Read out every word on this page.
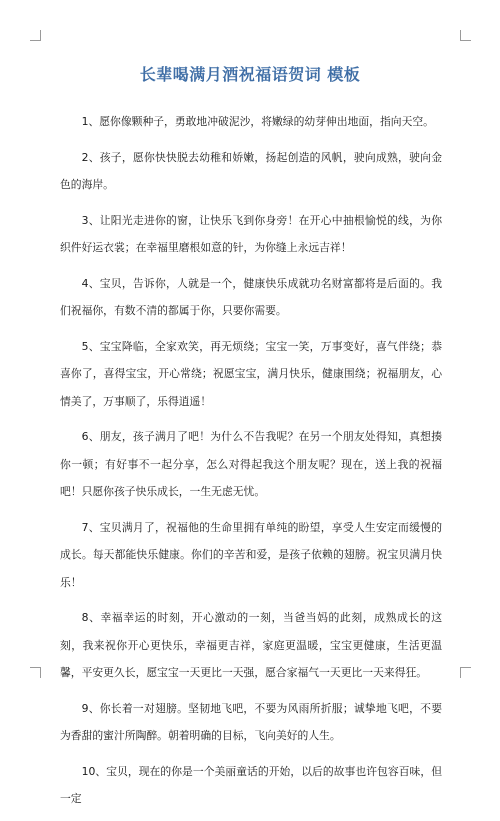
长辈喝满月酒祝福语贺词 模板

1、愿你像颗种子，勇敢地冲破泥沙，将嫩绿的幼芽伸出地面，指向天空。

2、孩子，愿你快快脱去幼稚和娇嫩，扬起创造的风帆，驶向成熟，驶向金色的海岸。

3、让阳光走进你的窗，让快乐飞到你身旁！在开心中抽根愉悦的线，为你织件好运衣裳；在幸福里磨根如意的针，为你缝上永远吉祥！

4、宝贝，告诉你，人就是一个，健康快乐成就功名财富都将是后面的。我们祝福你，有数不清的都属于你，只要你需要。

5、宝宝降临，全家欢笑，再无烦绕；宝宝一笑，万事变好，喜气伴绕；恭喜你了，喜得宝宝，开心常绕；祝愿宝宝，满月快乐，健康围绕；祝福朋友，心情美了，万事顺了，乐得逍遥！

6、朋友，孩子满月了吧！为什么不告我呢？在另一个朋友处得知，真想揍你一顿；有好事不一起分享，怎么对得起我这个朋友呢？现在，送上我的祝福吧！只愿你孩子快乐成长，一生无虑无忧。

7、宝贝满月了，祝福他的生命里拥有单纯的盼望，享受人生安定而缓慢的成长。每天都能快乐健康。你们的辛苦和爱，是孩子依赖的翅膀。祝宝贝满月快乐！

8、幸福幸运的时刻，开心激动的一刻，当爸当妈的此刻，成熟成长的这刻，我来祝你开心更快乐，幸福更吉祥，家庭更温暖，宝宝更健康，生活更温馨，平安更久长，愿宝宝一天更比一天强，愿合家福气一天更比一天来得狂。

9、你长着一对翅膀。坚韧地飞吧，不要为风雨所折服；诚挚地飞吧，不要为香甜的蜜汁所陶醉。朝着明确的目标，飞向美好的人生。

10、宝贝，现在的你是一个美丽童话的开始，以后的故事也许包容百味，但一定
